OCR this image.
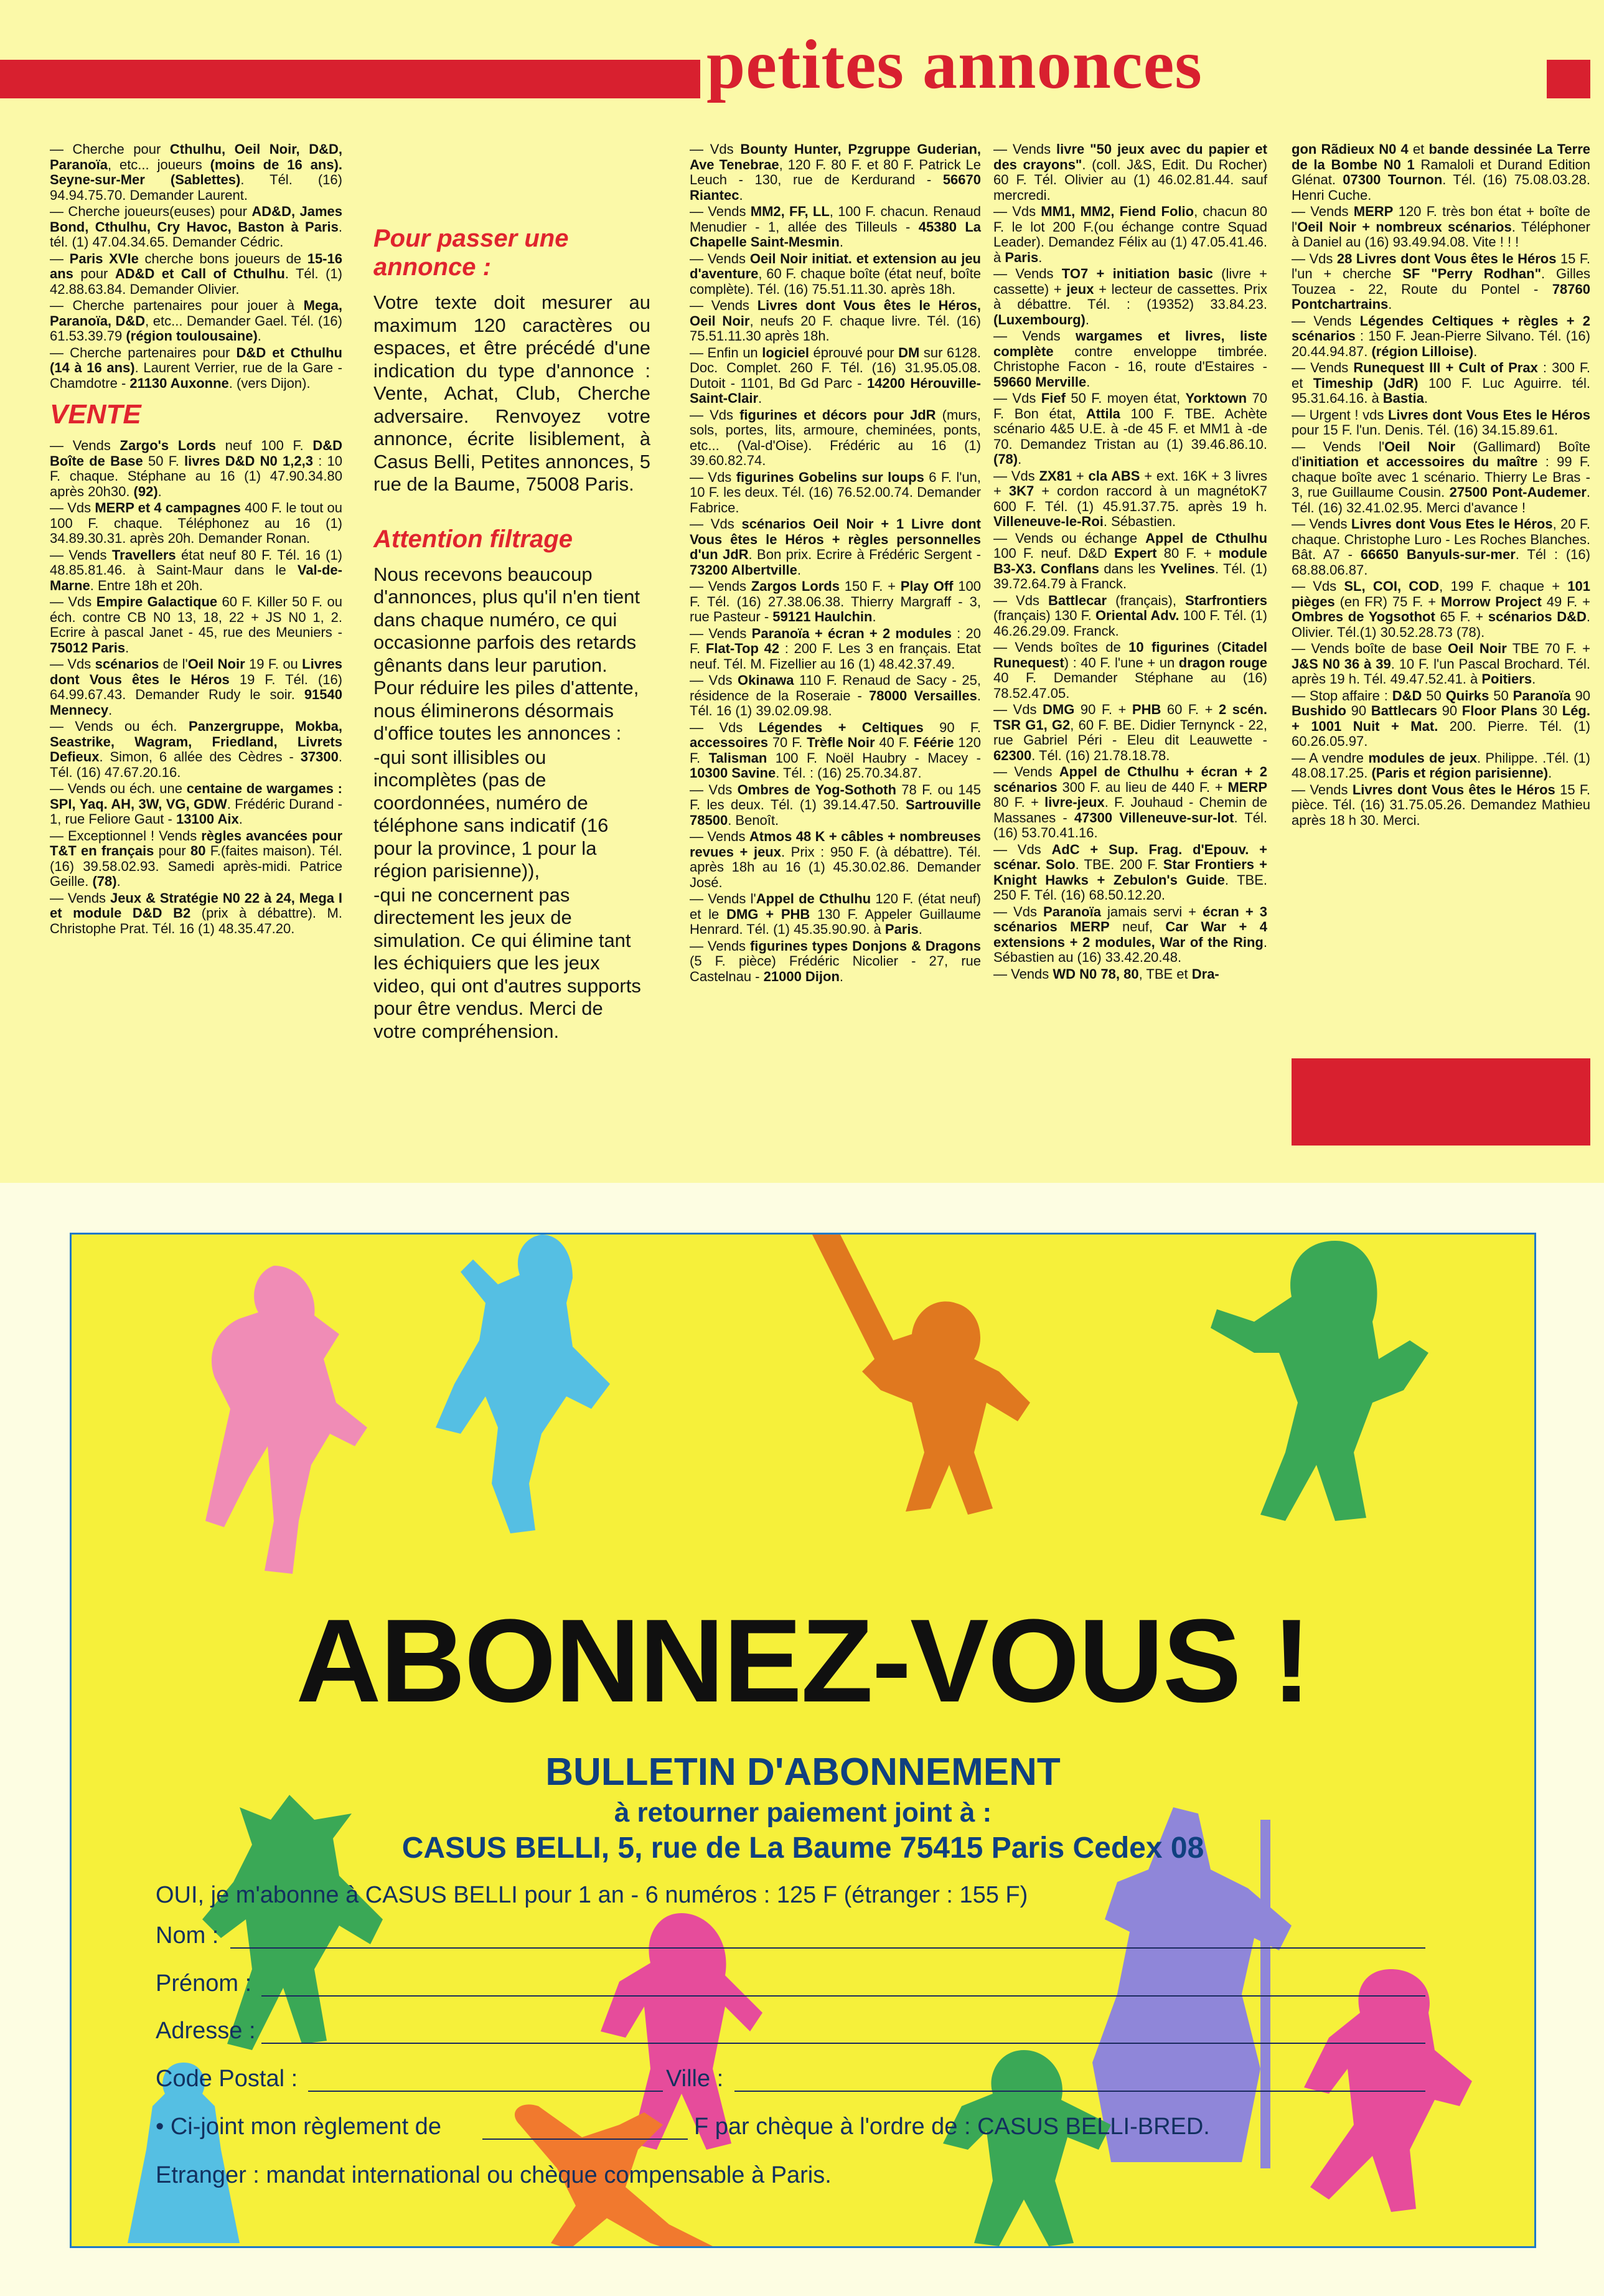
petites annonces

— Cherche pour Cthulhu, Oeil Noir, D&D, Paranoïa, etc... joueurs (moins de 16 ans). Seyne-sur-Mer (Sablettes). Tél. (16) 94.94.75.70. Demander Laurent.

— Cherche joueurs(euses) pour AD&D, James Bond, Cthulhu, Cry Havoc, Baston à Paris. tél. (1) 47.04.34.65. Demander Cédric.

— Paris XVIe cherche bons joueurs de 15-16 ans pour AD&D et Call of Cthulhu. Tél. (1) 42.88.63.84. Demander Olivier.

— Cherche partenaires pour jouer à Mega, Paranoïa, D&D, etc... Demander Gael. Tél. (16) 61.53.39.79 (région toulousaine).

— Cherche partenaires pour D&D et Cthulhu (14 à 16 ans). Laurent Verrier, rue de la Gare - Chamdotre - 21130 Auxonne. (vers Dijon).

VENTE

— Vends Zargo's Lords neuf 100 F. D&D Boîte de Base 50 F. livres D&D N0 1,2,3 : 10 F. chaque. Stéphane au 16 (1) 47.90.34.80 après 20h30. (92).

— Vds MERP et 4 campagnes 400 F. le tout ou 100 F. chaque. Téléphonez au 16 (1) 34.89.30.31. après 20h. Demander Ronan.

— Vends Travellers état neuf 80 F. Tél. 16 (1) 48.85.81.46. à Saint-Maur dans le Val-de-Marne. Entre 18h et 20h.

— Vds Empire Galactique 60 F. Killer 50 F. ou éch. contre CB N0 13, 18, 22 + JS N0 1, 2. Ecrire à pascal Janet - 45, rue des Meuniers - 75012 Paris.

— Vds scénarios de l'Oeil Noir 19 F. ou Livres dont Vous êtes le Héros 19 F. Tél. (16) 64.99.67.43. Demander Rudy le soir. 91540 Mennecy.

— Vends ou éch. Panzergruppe, Mokba, Seastrike, Wagram, Friedland, Livrets Defieux. Simon, 6 allée des Cèdres - 37300. Tél. (16) 47.67.20.16.

— Vends ou éch. une centaine de wargames : SPI, Yaq. AH, 3W, VG, GDW. Frédéric Durand - 1, rue Feliore Gaut - 13100 Aix.

— Exceptionnel ! Vends règles avancées pour T&T en français pour 80 F.(faites maison). Tél. (16) 39.58.02.93. Samedi après-midi. Patrice Geille. (78).

— Vends Jeux & Stratégie N0 22 à 24, Mega I et module D&D B2 (prix à débattre). M. Christophe Prat. Tél. 16 (1) 48.35.47.20.

Pour passer une annonce :

Votre texte doit mesurer au maximum 120 caractères ou espaces, et être précédé d'une indication du type d'annonce : Vente, Achat, Club, Cherche adversaire. Renvoyez votre annonce, écrite lisiblement, à Casus Belli, Petites annonces, 5 rue de la Baume, 75008 Paris.

Attention filtrage

Nous recevons beaucoup d'annonces, plus qu'il n'en tient dans chaque numéro, ce qui occasionne parfois des retards gênants dans leur parution. Pour réduire les piles d'attente, nous éliminerons désormais d'office toutes les annonces :

-qui sont illisibles ou incomplètes (pas de coordonnées, numéro de téléphone sans indicatif (16 pour la province, 1 pour la région parisienne)),

-qui ne concernent pas directement les jeux de simulation. Ce qui élimine tant les échiquiers que les jeux video, qui ont d'autres supports pour être vendus. Merci de votre compréhension.

— Vds Bounty Hunter, Pzgruppe Guderian, Ave Tenebrae, 120 F. 80 F. et 80 F. Patrick Le Leuch - 130, rue de Kerdurand - 56670 Riantec.

— Vends MM2, FF, LL, 100 F. chacun. Renaud Menudier - 1, allée des Tilleuls - 45380 La Chapelle Saint-Mesmin.

— Vends Oeil Noir initiat. et extension au jeu d'aventure, 60 F. chaque boîte (état neuf, boîte complète). Tél. (16) 75.51.11.30. après 18h.

— Vends Livres dont Vous êtes le Héros, Oeil Noir, neufs 20 F. chaque livre. Tél. (16) 75.51.11.30 après 18h.

— Enfin un logiciel éprouvé pour DM sur 6128. Doc. Complet. 260 F. Tél. (16) 31.95.05.08. Dutoit - 1101, Bd Gd Parc - 14200 Hérouville-Saint-Clair.

— Vds figurines et décors pour JdR (murs, sols, portes, lits, armoure, cheminées, ponts, etc... (Val-d'Oise). Frédéric au 16 (1) 39.60.82.74.

— Vds figurines Gobelins sur loups 6 F. l'un, 10 F. les deux. Tél. (16) 76.52.00.74. Demander Fabrice.

— Vds scénarios Oeil Noir + 1 Livre dont Vous êtes le Héros + règles personnelles d'un JdR. Bon prix. Ecrire à Frédéric Sergent - 73200 Albertville.

— Vends Zargos Lords 150 F. + Play Off 100 F. Tél. (16) 27.38.06.38. Thierry Margraff - 3, rue Pasteur - 59121 Haulchin.

— Vends Paranoïa + écran + 2 modules : 20 F. Flat-Top 42 : 200 F. Les 3 en français. Etat neuf. Tél. M. Fizellier au 16 (1) 48.42.37.49.

— Vds Okinawa 110 F. Renaud de Sacy - 25, résidence de la Roseraie - 78000 Versailles. Tél. 16 (1) 39.02.09.98.

— Vds Légendes + Celtiques 90 F. accessoires 70 F. Trèfle Noir 40 F. Féérie 120 F. Talisman 100 F. Noël Haubry - Macey - 10300 Savine. Tél. : (16) 25.70.34.87.

— Vds Ombres de Yog-Sothoth 78 F. ou 145 F. les deux. Tél. (1) 39.14.47.50. Sartrouville 78500. Benoît.

— Vends Atmos 48 K + câbles + nombreuses revues + jeux. Prix : 950 F. (à débattre). Tél. après 18h au 16 (1) 45.30.02.86. Demander José.

— Vends l'Appel de Cthulhu 120 F. (état neuf) et le DMG + PHB 130 F. Appeler Guillaume Henrard. Tél. (1) 45.35.90.90. à Paris.

— Vends figurines types Donjons & Dragons (5 F. pièce) Frédéric Nicolier - 27, rue Castelnau - 21000 Dijon.

— Vends livre "50 jeux avec du papier et des crayons". (coll. J&S, Edit. Du Rocher) 60 F. Tél. Olivier au (1) 46.02.81.44. sauf mercredi.

— Vds MM1, MM2, Fiend Folio, chacun 80 F. le lot 200 F.(ou échange contre Squad Leader). Demandez Félix au (1) 47.05.41.46. à Paris.

— Vends TO7 + initiation basic (livre + cassette) + jeux + lecteur de cassettes. Prix à débattre. Tél. : (19352) 33.84.23.(Luxembourg).

— Vends wargames et livres, liste complète contre enveloppe timbrée. Christophe Facon - 16, route d'Estaires - 59660 Merville.

— Vds Fief 50 F. moyen état, Yorktown 70 F. Bon état, Attila 100 F. TBE. Achète scénario 4&5 U.E. à -de 45 F. et MM1 à -de 70. Demandez Tristan au (1) 39.46.86.10. (78).

— Vds ZX81 + cla ABS + ext. 16K + 3 livres + 3K7 + cordon raccord à un magnétoK7 600 F. Tél. (1) 45.91.37.75. après 19 h. Villeneuve-le-Roi. Sébastien.

— Vends ou échange Appel de Cthulhu 100 F. neuf. D&D Expert 80 F. + module B3-X3. Conflans dans les Yvelines. Tél. (1) 39.72.64.79 à Franck.

— Vds Battlecar (français), Starfrontiers (français) 130 F. Oriental Adv. 100 F. Tél. (1) 46.26.29.09. Franck.

— Vends boîtes de 10 figurines (Citadel Runequest) : 40 F. l'une + un dragon rouge 40 F. Demander Stéphane au (16) 78.52.47.05.

— Vds DMG 90 F. + PHB 60 F. + 2 scén. TSR G1, G2, 60 F. BE. Didier Ternynck - 22, rue Gabriel Péri - Eleu dit Leauwette - 62300. Tél. (16) 21.78.18.78.

— Vends Appel de Cthulhu + écran + 2 scénarios 300 F. au lieu de 440 F. + MERP 80 F. + livre-jeux. F. Jouhaud - Chemin de Massanes - 47300 Villeneuve-sur-lot. Tél. (16) 53.70.41.16.

— Vds AdC + Sup. Frag. d'Epouv. + scénar. Solo. TBE. 200 F. Star Frontiers + Knight Hawks + Zebulon's Guide. TBE. 250 F. Tél. (16) 68.50.12.20.

— Vds Paranoïa jamais servi + écran + 3 scénarios MERP neuf, Car War + 4 extensions + 2 modules, War of the Ring. Sébastien au (16) 33.42.20.48.

— Vends WD N0 78, 80, TBE et Dra-

gon Rãdieux N0 4 et bande dessinée La Terre de la Bombe N0 1 Ramaloli et Durand Edition Glénat. 07300 Tournon. Tél. (16) 75.08.03.28. Henri Cuche.

— Vends MERP 120 F. très bon état + boîte de l'Oeil Noir + nombreux scénarios. Téléphoner à Daniel au (16) 93.49.94.08. Vite ! ! !

— Vds 28 Livres dont Vous êtes le Héros 15 F. l'un + cherche SF "Perry Rodhan". Gilles Touzea - 22, Route du Pontel - 78760 Pontchartrains.

— Vends Légendes Celtiques + règles + 2 scénarios : 150 F. Jean-Pierre Silvano. Tél. (16) 20.44.94.87. (région Lilloise).

— Vends Runequest III + Cult of Prax : 300 F. et Timeship (JdR) 100 F. Luc Aguirre. tél. 95.31.64.16. à Bastia.

— Urgent ! vds Livres dont Vous Etes le Héros pour 15 F. l'un. Denis. Tél. (16) 34.15.89.61.

— Vends l'Oeil Noir (Gallimard) Boîte d'initiation et accessoires du maître : 99 F. chaque boîte avec 1 scénario. Thierry Le Bras - 3, rue Guillaume Cousin. 27500 Pont-Audemer. Tél. (16) 32.41.02.95. Merci d'avance !

— Vends Livres dont Vous Etes le Héros, 20 F. chaque. Christophe Luro - Les Roches Blanches. Bât. A7 - 66650 Banyuls-sur-mer. Tél : (16) 68.88.06.87.

— Vds SL, COI, COD, 199 F. chaque + 101 pièges (en FR) 75 F. + Morrow Project 49 F. + Ombres de Yogsothot 65 F. + scénarios D&D. Olivier. Tél.(1) 30.52.28.73 (78).

— Vends boîte de base Oeil Noir TBE 70 F. + J&S N0 36 à 39. 10 F. l'un Pascal Brochard. Tél. après 19 h. Tél. 49.47.52.41. à Poitiers.

— Stop affaire : D&D 50 Quirks 50 Paranoïa 90 Bushido 90 Battlecars 90 Floor Plans 30 Lég. + 1001 Nuit + Mat. 200. Pierre. Tél. (1) 60.26.05.97.

— A vendre modules de jeux. Philippe. .Tél. (1) 48.08.17.25. (Paris et région parisienne).

— Vends Livres dont Vous êtes le Héros 15 F. pièce. Tél. (16) 31.75.05.26. Demandez Mathieu après 18 h 30. Merci.

ABONNEZ-VOUS !
BULLETIN D'ABONNEMENT
à retourner paiement joint à :
CASUS BELLI, 5, rue de La Baume 75415 Paris Cedex 08
OUI, je m'abonne à CASUS BELLI pour 1 an - 6 numéros : 125 F (étranger : 155 F)
Nom :
Prénom :
Adresse :
Code Postal :	Ville :
• Ci-joint mon règlement de	F par chèque à l'ordre de : CASUS BELLI-BRED.
Etranger : mandat international ou chèque compensable à Paris.
